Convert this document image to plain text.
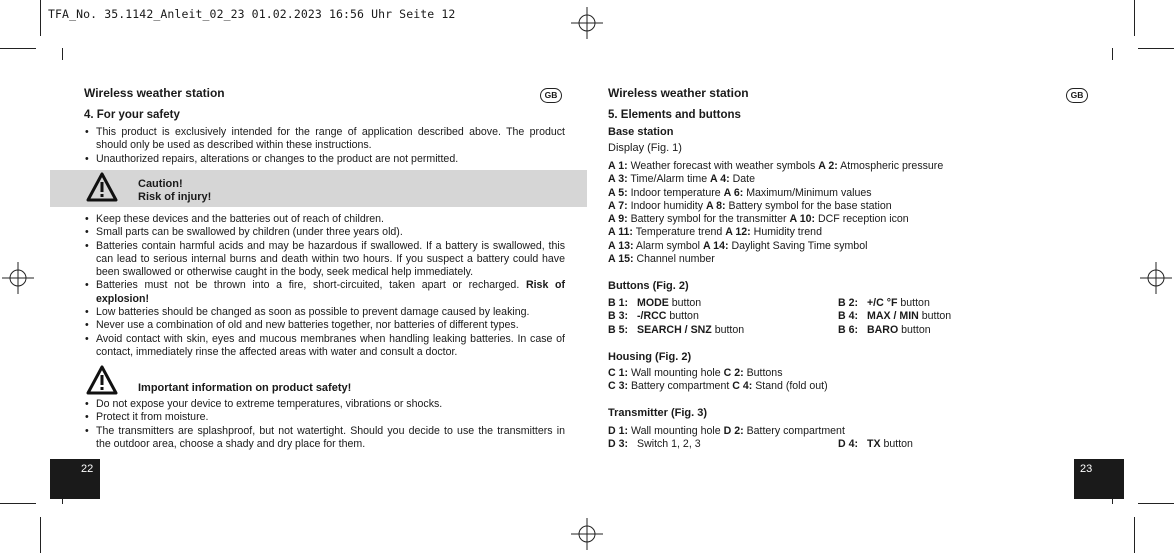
TFA_No. 35.1142_Anleit_02_23 01.02.2023 16:56 Uhr Seite 12
Wireless weather station	GB
4. For your safety
• This product is exclusively intended for the range of application described above. The product should only be used as described within these instructions.
• Unauthorized repairs, alterations or changes to the product are not permitted.
Caution!
Risk of injury!
• Keep these devices and the batteries out of reach of children.
• Small parts can be swallowed by children (under three years old).
• Batteries contain harmful acids and may be hazardous if swallowed. If a battery is swallowed, this can lead to serious internal burns and death within two hours. If you suspect a battery could have been swallowed or otherwise caught in the body, seek medical help immediately.
• Batteries must not be thrown into a fire, short-circuited, taken apart or recharged. Risk of explosion!
• Low batteries should be changed as soon as possible to prevent damage caused by leaking.
• Never use a combination of old and new batteries together, nor batteries of different types.
• Avoid contact with skin, eyes and mucous membranes when handling leaking batteries. In case of contact, immediately rinse the affected areas with water and consult a doctor.
Important information on product safety!
• Do not expose your device to extreme temperatures, vibrations or shocks.
• Protect it from moisture.
• The transmitters are splashproof, but not watertight. Should you decide to use the transmitters in the outdoor area, choose a shady and dry place for them.
22
Wireless weather station	GB
5. Elements and buttons
Base station
Display (Fig. 1)
A 1: Weather forecast with weather symbols A 2: Atmospheric pressure
A 3: Time/Alarm time A 4: Date
A 5: Indoor temperature A 6: Maximum/Minimum values
A 7: Indoor humidity A 8: Battery symbol for the base station
A 9: Battery symbol for the transmitter A 10: DCF reception icon
A 11: Temperature trend A 12: Humidity trend
A 13: Alarm symbol A 14: Daylight Saving Time symbol
A 15: Channel number
Buttons (Fig. 2)
B 1: MODE button	B 2: +/C °F button
B 3: -/RCC button	B 4: MAX / MIN button
B 5: SEARCH / SNZ button	B 6: BARO button
Housing (Fig. 2)
C 1: Wall mounting hole C 2: Buttons
C 3: Battery compartment C 4: Stand (fold out)
Transmitter (Fig. 3)
D 1: Wall mounting hole D 2: Battery compartment
D 3: Switch 1, 2, 3	D 4: TX button
23
